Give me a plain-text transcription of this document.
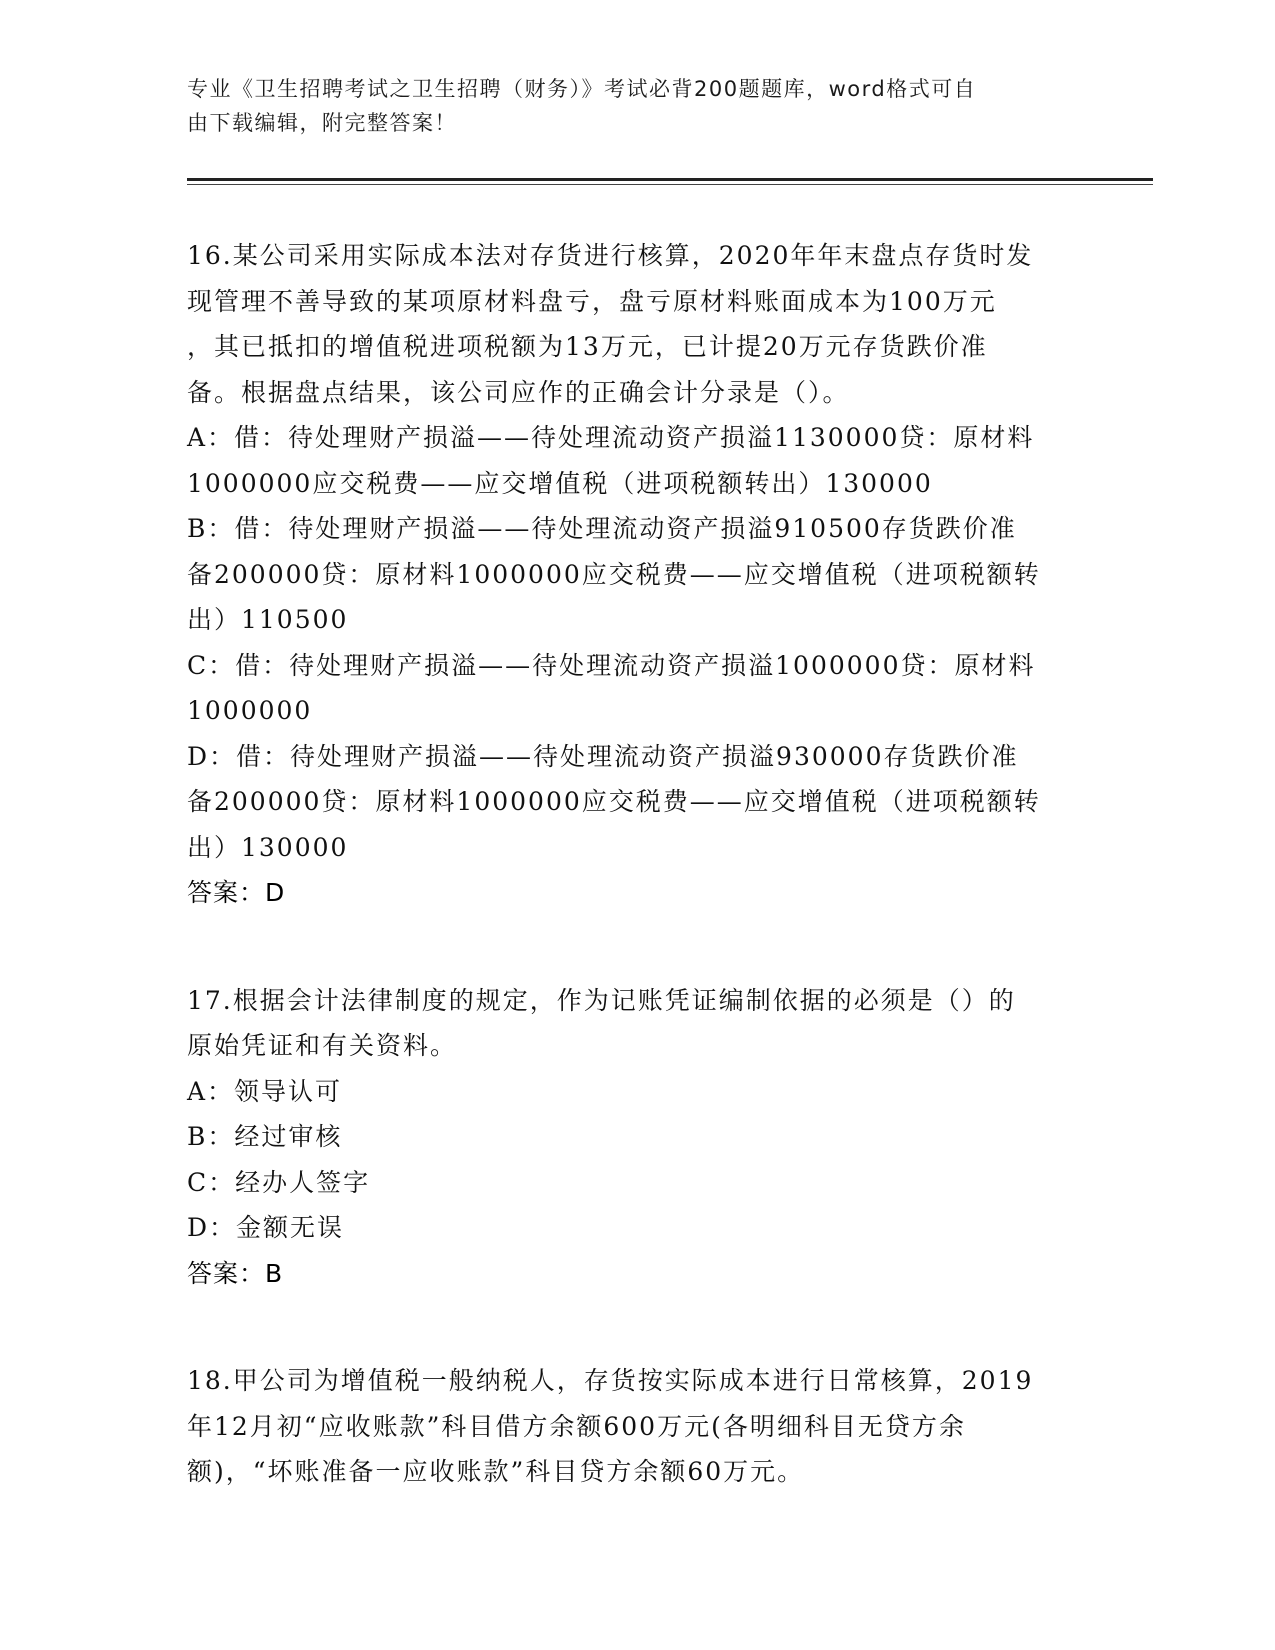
专业《卫生招聘考试之卫生招聘（财务）》考试必背200题题库，word格式可自
由下载编辑，附完整答案！
16.某公司采用实际成本法对存货进行核算，2020年年末盘点存货时发
现管理不善导致的某项原材料盘亏，盘亏原材料账面成本为100万元
，其已抵扣的增值税进项税额为13万元，已计提20万元存货跌价准
备。根据盘点结果，该公司应作的正确会计分录是（）。
A：借：待处理财产损溢——待处理流动资产损溢1130000贷：原材料
1000000应交税费——应交增值税（进项税额转出）130000
B：借：待处理财产损溢——待处理流动资产损溢910500存货跌价准
备200000贷：原材料1000000应交税费——应交增值税（进项税额转
出）110500
C：借：待处理财产损溢——待处理流动资产损溢1000000贷：原材料
1000000
D：借：待处理财产损溢——待处理流动资产损溢930000存货跌价准
备200000贷：原材料1000000应交税费——应交增值税（进项税额转
出）130000
答案：D
17.根据会计法律制度的规定，作为记账凭证编制依据的必须是（）的
原始凭证和有关资料。
A：领导认可
B：经过审核
C：经办人签字
D：金额无误
答案：B
18.甲公司为增值税一般纳税人，存货按实际成本进行日常核算，2019
年12月初“应收账款”科目借方余额600万元(各明细科目无贷方余
额)，“坏账准备一应收账款”科目贷方余额60万元。
